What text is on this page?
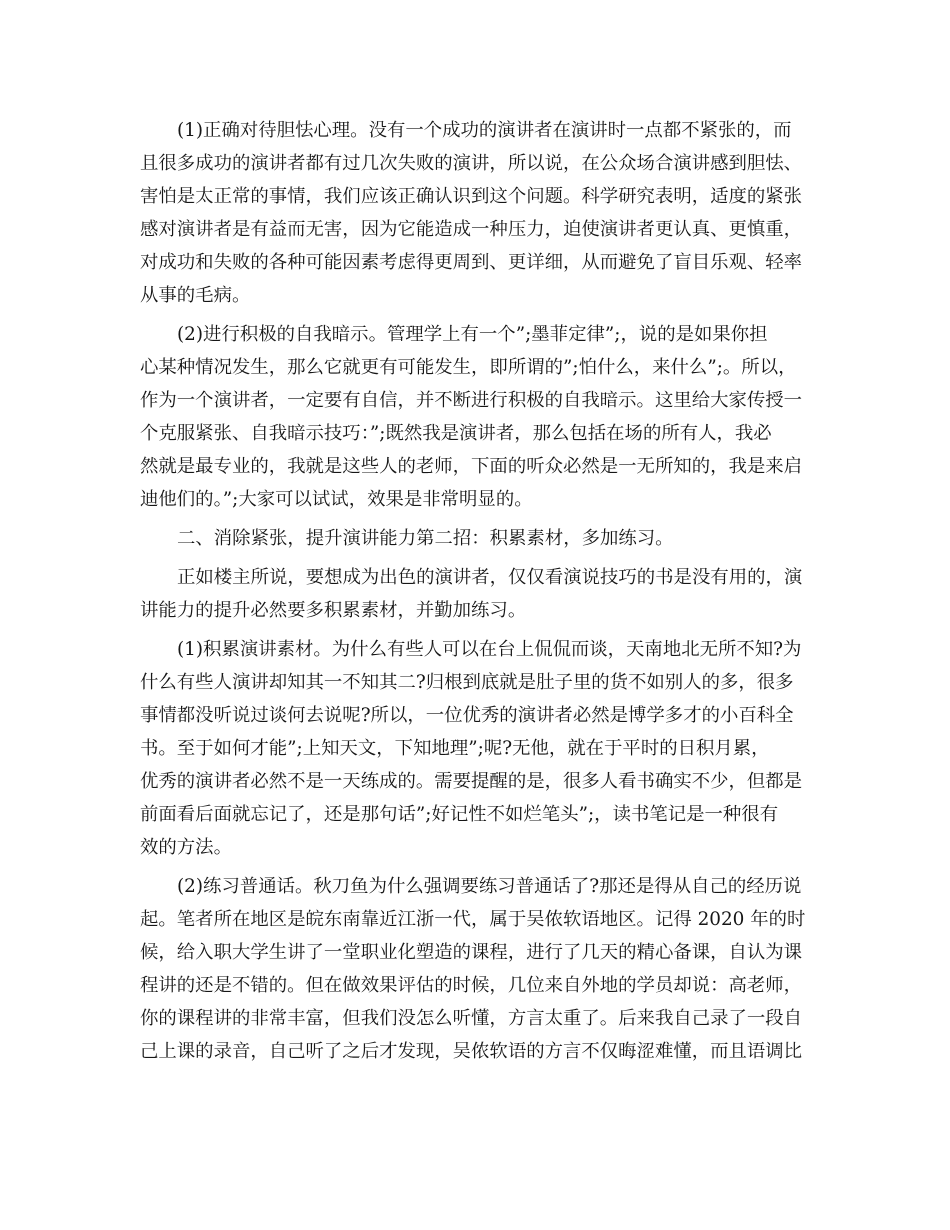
(1)正确对待胆怯心理。没有一个成功的演讲者在演讲时一点都不紧张的，而
且很多成功的演讲者都有过几次失败的演讲，所以说，在公众场合演讲感到胆怯、
害怕是太正常的事情，我们应该正确认识到这个问题。科学研究表明，适度的紧张
感对演讲者是有益而无害，因为它能造成一种压力，迫使演讲者更认真、更慎重，
对成功和失败的各种可能因素考虑得更周到、更详细，从而避免了盲目乐观、轻率
从事的毛病。
(2)进行积极的自我暗示。管理学上有一个”;墨菲定律”;，说的是如果你担
心某种情况发生，那么它就更有可能发生，即所谓的”;怕什么，来什么”;。所以，
作为一个演讲者，一定要有自信，并不断进行积极的自我暗示。这里给大家传授一
个克服紧张、自我暗示技巧：”;既然我是演讲者，那么包括在场的所有人，我必
然就是最专业的，我就是这些人的老师，下面的听众必然是一无所知的，我是来启
迪他们的。”;大家可以试试，效果是非常明显的。
二、消除紧张，提升演讲能力第二招：积累素材，多加练习。
正如楼主所说，要想成为出色的演讲者，仅仅看演说技巧的书是没有用的，演
讲能力的提升必然要多积累素材，并勤加练习。
(1)积累演讲素材。为什么有些人可以在台上侃侃而谈，天南地北无所不知?为
什么有些人演讲却知其一不知其二?归根到底就是肚子里的货不如别人的多，很多
事情都没听说过谈何去说呢?所以，一位优秀的演讲者必然是博学多才的小百科全
书。至于如何才能”;上知天文，下知地理”;呢?无他，就在于平时的日积月累，
优秀的演讲者必然不是一天练成的。需要提醒的是，很多人看书确实不少，但都是
前面看后面就忘记了，还是那句话”;好记性不如烂笔头”;，读书笔记是一种很有
效的方法。
(2)练习普通话。秋刀鱼为什么强调要练习普通话了?那还是得从自己的经历说
起。笔者所在地区是皖东南靠近江浙一代，属于吴侬软语地区。记得 2020 年的时
候，给入职大学生讲了一堂职业化塑造的课程，进行了几天的精心备课，自认为课
程讲的还是不错的。但在做效果评估的时候，几位来自外地的学员却说：高老师，
你的课程讲的非常丰富，但我们没怎么听懂，方言太重了。后来我自己录了一段自
己上课的录音，自己听了之后才发现，吴侬软语的方言不仅晦涩难懂，而且语调比
